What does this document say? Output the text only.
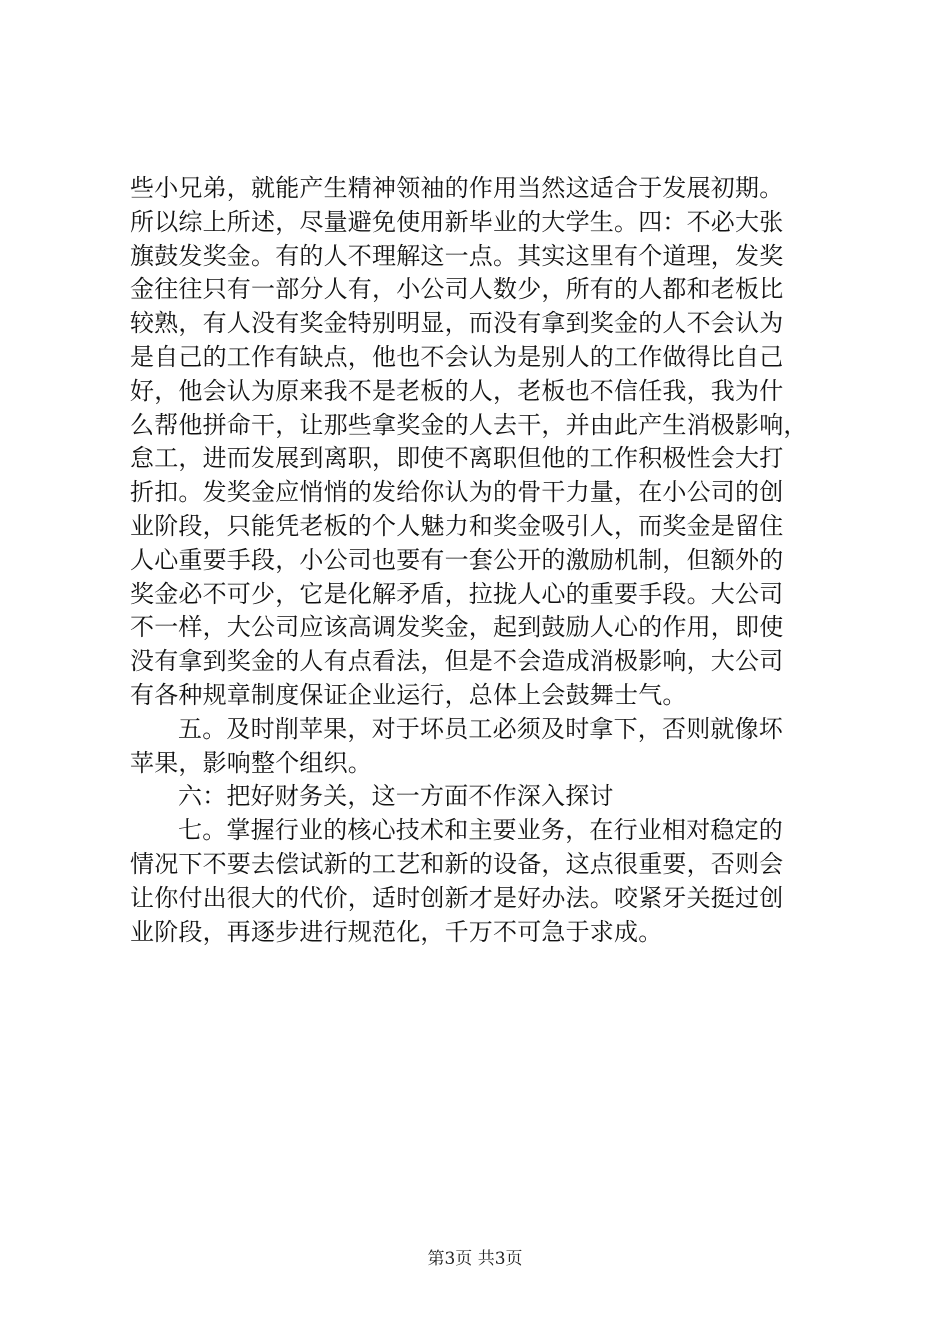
些小兄弟，就能产生精神领袖的作用当然这适合于发展初期。
所以综上所述，尽量避免使用新毕业的大学生。四：不必大张
旗鼓发奖金。有的人不理解这一点。其实这里有个道理，发奖
金往往只有一部分人有，小公司人数少，所有的人都和老板比
较熟，有人没有奖金特别明显，而没有拿到奖金的人不会认为
是自己的工作有缺点，他也不会认为是别人的工作做得比自己
好，他会认为原来我不是老板的人，老板也不信任我，我为什
么帮他拼命干，让那些拿奖金的人去干，并由此产生消极影响，
怠工，进而发展到离职，即使不离职但他的工作积极性会大打
折扣。发奖金应悄悄的发给你认为的骨干力量，在小公司的创
业阶段，只能凭老板的个人魅力和奖金吸引人，而奖金是留住
人心重要手段，小公司也要有一套公开的激励机制，但额外的
奖金必不可少，它是化解矛盾，拉拢人心的重要手段。大公司
不一样，大公司应该高调发奖金，起到鼓励人心的作用，即使
没有拿到奖金的人有点看法，但是不会造成消极影响，大公司
有各种规章制度保证企业运行，总体上会鼓舞士气。
五。及时削苹果，对于坏员工必须及时拿下，否则就像坏
苹果，影响整个组织。
六：把好财务关，这一方面不作深入探讨
七。掌握行业的核心技术和主要业务，在行业相对稳定的
情况下不要去偿试新的工艺和新的设备，这点很重要，否则会
让你付出很大的代价，适时创新才是好办法。咬紧牙关挺过创
业阶段，再逐步进行规范化，千万不可急于求成。
第3页 共3页
